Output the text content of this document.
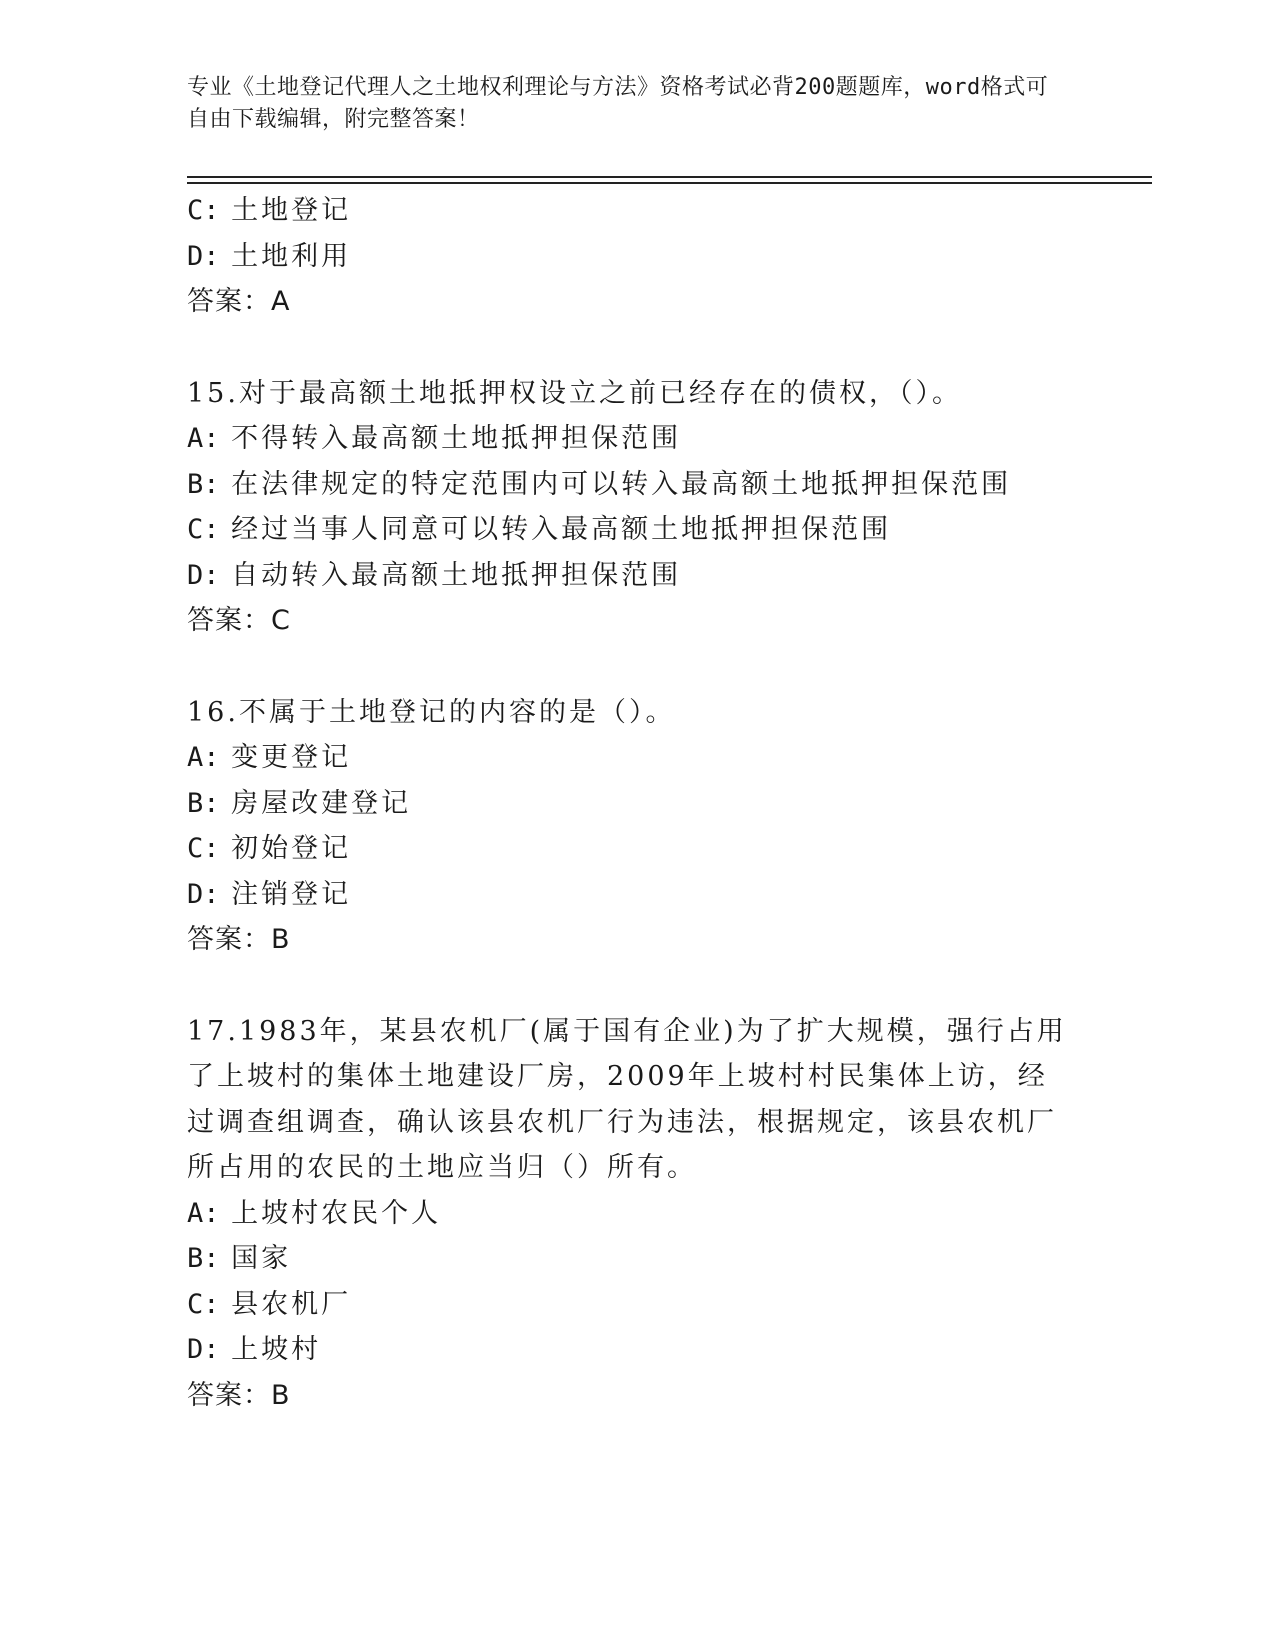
专业《土地登记代理人之土地权利理论与方法》资格考试必背200题题库，word格式可自由下载编辑，附完整答案！
C: 土地登记
D: 土地利用
答案：A
15.对于最高额土地抵押权设立之前已经存在的债权，（）。
A: 不得转入最高额土地抵押担保范围
B: 在法律规定的特定范围内可以转入最高额土地抵押担保范围
C: 经过当事人同意可以转入最高额土地抵押担保范围
D: 自动转入最高额土地抵押担保范围
答案：C
16.不属于土地登记的内容的是（）。
A: 变更登记
B: 房屋改建登记
C: 初始登记
D: 注销登记
答案：B
17.1983年，某县农机厂(属于国有企业)为了扩大规模，强行占用了上坡村的集体土地建设厂房，2009年上坡村村民集体上访，经过调查组调查，确认该县农机厂行为违法，根据规定，该县农机厂所占用的农民的土地应当归（）所有。
A: 上坡村农民个人
B: 国家
C: 县农机厂
D: 上坡村
答案：B
